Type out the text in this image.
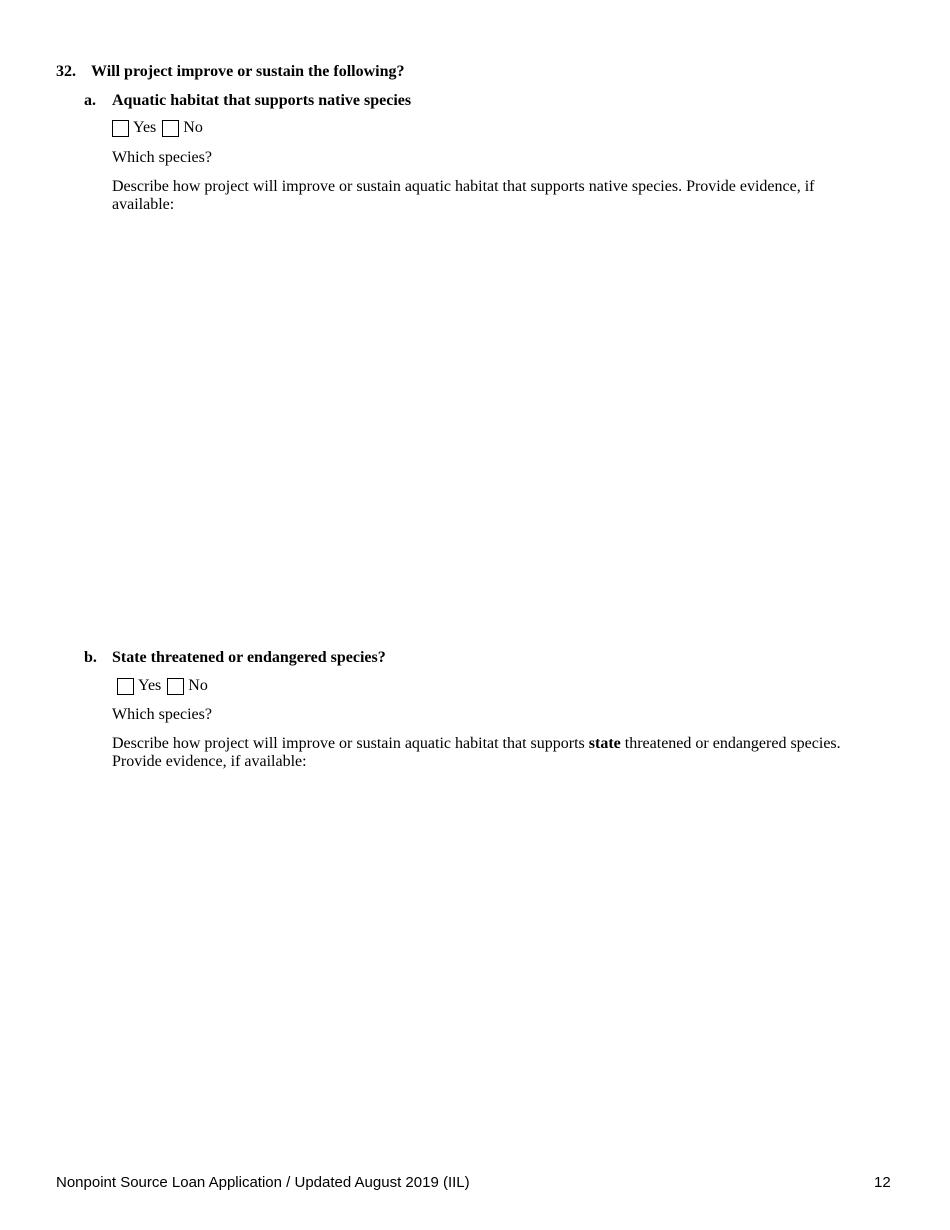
32. Will project improve or sustain the following?
a. Aquatic habitat that supports native species
Yes No
Which species?
Describe how project will improve or sustain aquatic habitat that supports native species. Provide evidence, if available:
b. State threatened or endangered species?
Yes No
Which species?
Describe how project will improve or sustain aquatic habitat that supports state threatened or endangered species. Provide evidence, if available:
Nonpoint Source Loan Application / Updated August 2019 (IIL)	12
